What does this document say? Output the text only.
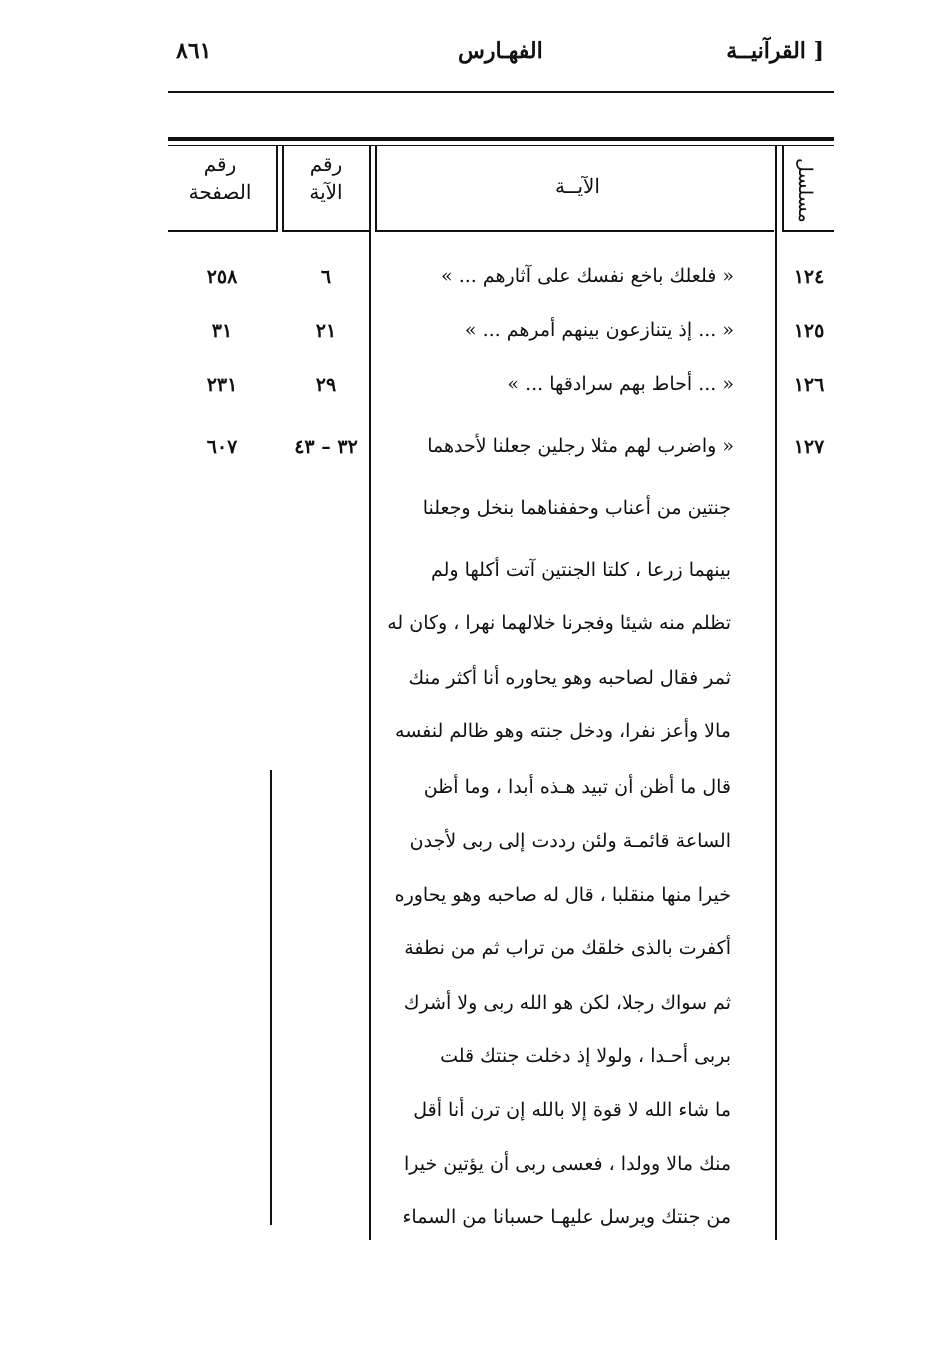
٨٦١	الفهـارس	القرآنيــة ]
مسلسل
الآيــة
رقم
الآية
رقم
الصفحة
١٢٤
« فلعلك باخع نفسك على آثارهم ... »
٦
٢٥٨
١٢٥
« ... إذ يتنازعون بينهم أمرهم ... »
٢١
٣١
١٢٦
« ... أحاط بهم سرادقها ... »
٢٩
٢٣١
١٢٧
« واضرب لهم مثلا رجلين جعلنا لأحدهما
٣٢ – ٤٣
٦٠٧
جنتين من أعناب وحففناهما بنخل وجعلنا
بينهما زرعا ، كلتا الجنتين آتت أكلها ولم
تظلم منه شيئا وفجرنا خلالهما نهرا ، وكان له
ثمر فقال لصاحبه وهو يحاوره أنا أكثر منك
مالا وأعز نفرا، ودخل جنته وهو ظالم لنفسه
قال ما أظن أن تبيد هـذه أبدا ، وما أظن
الساعة قائمـة ولئن رددت إلى ربى لأجدن
خيرا منها منقلبا ، قال له صاحبه وهو يحاوره
أكفرت بالذى خلقك من تراب ثم من نطفة
ثم سواك رجلا، لكن هو الله ربى ولا أشرك
بربى أحـدا ، ولولا إذ دخلت جنتك قلت
ما شاء الله لا قوة إلا بالله إن ترن أنا أقل
منك مالا وولدا ، فعسى ربى أن يؤتين خيرا
من جنتك ويرسل عليهـا حسبانا من السماء
